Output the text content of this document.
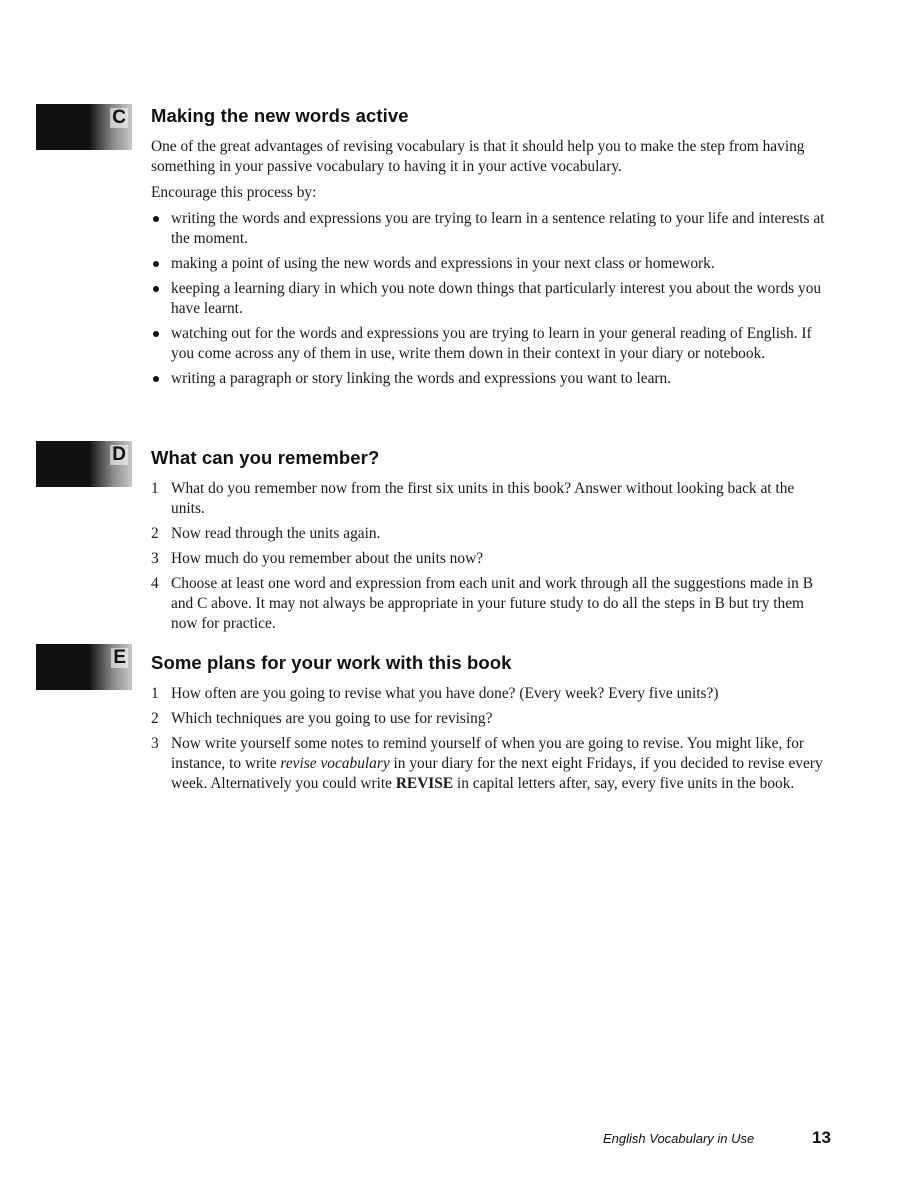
C Making the new words active

One of the great advantages of revising vocabulary is that it should help you to make the step from having something in your passive vocabulary to having it in your active vocabulary.

Encourage this process by:

writing the words and expressions you are trying to learn in a sentence relating to your life and interests at the moment.
making a point of using the new words and expressions in your next class or homework.
keeping a learning diary in which you note down things that particularly interest you about the words you have learnt.
watching out for the words and expressions you are trying to learn in your general reading of English. If you come across any of them in use, write them down in their context in your diary or notebook.
writing a paragraph or story linking the words and expressions you want to learn.
D What can you remember?
1 What do you remember now from the first six units in this book? Answer without looking back at the units.
2 Now read through the units again.
3 How much do you remember about the units now?
4 Choose at least one word and expression from each unit and work through all the suggestions made in B and C above. It may not always be appropriate in your future study to do all the steps in B but try them now for practice.
E Some plans for your work with this book
1 How often are you going to revise what you have done? (Every week? Every five units?)
2 Which techniques are you going to use for revising?
3 Now write yourself some notes to remind yourself of when you are going to revise. You might like, for instance, to write revise vocabulary in your diary for the next eight Fridays, if you decided to revise every week. Alternatively you could write REVISE in capital letters after, say, every five units in the book.
English Vocabulary in Use	13
